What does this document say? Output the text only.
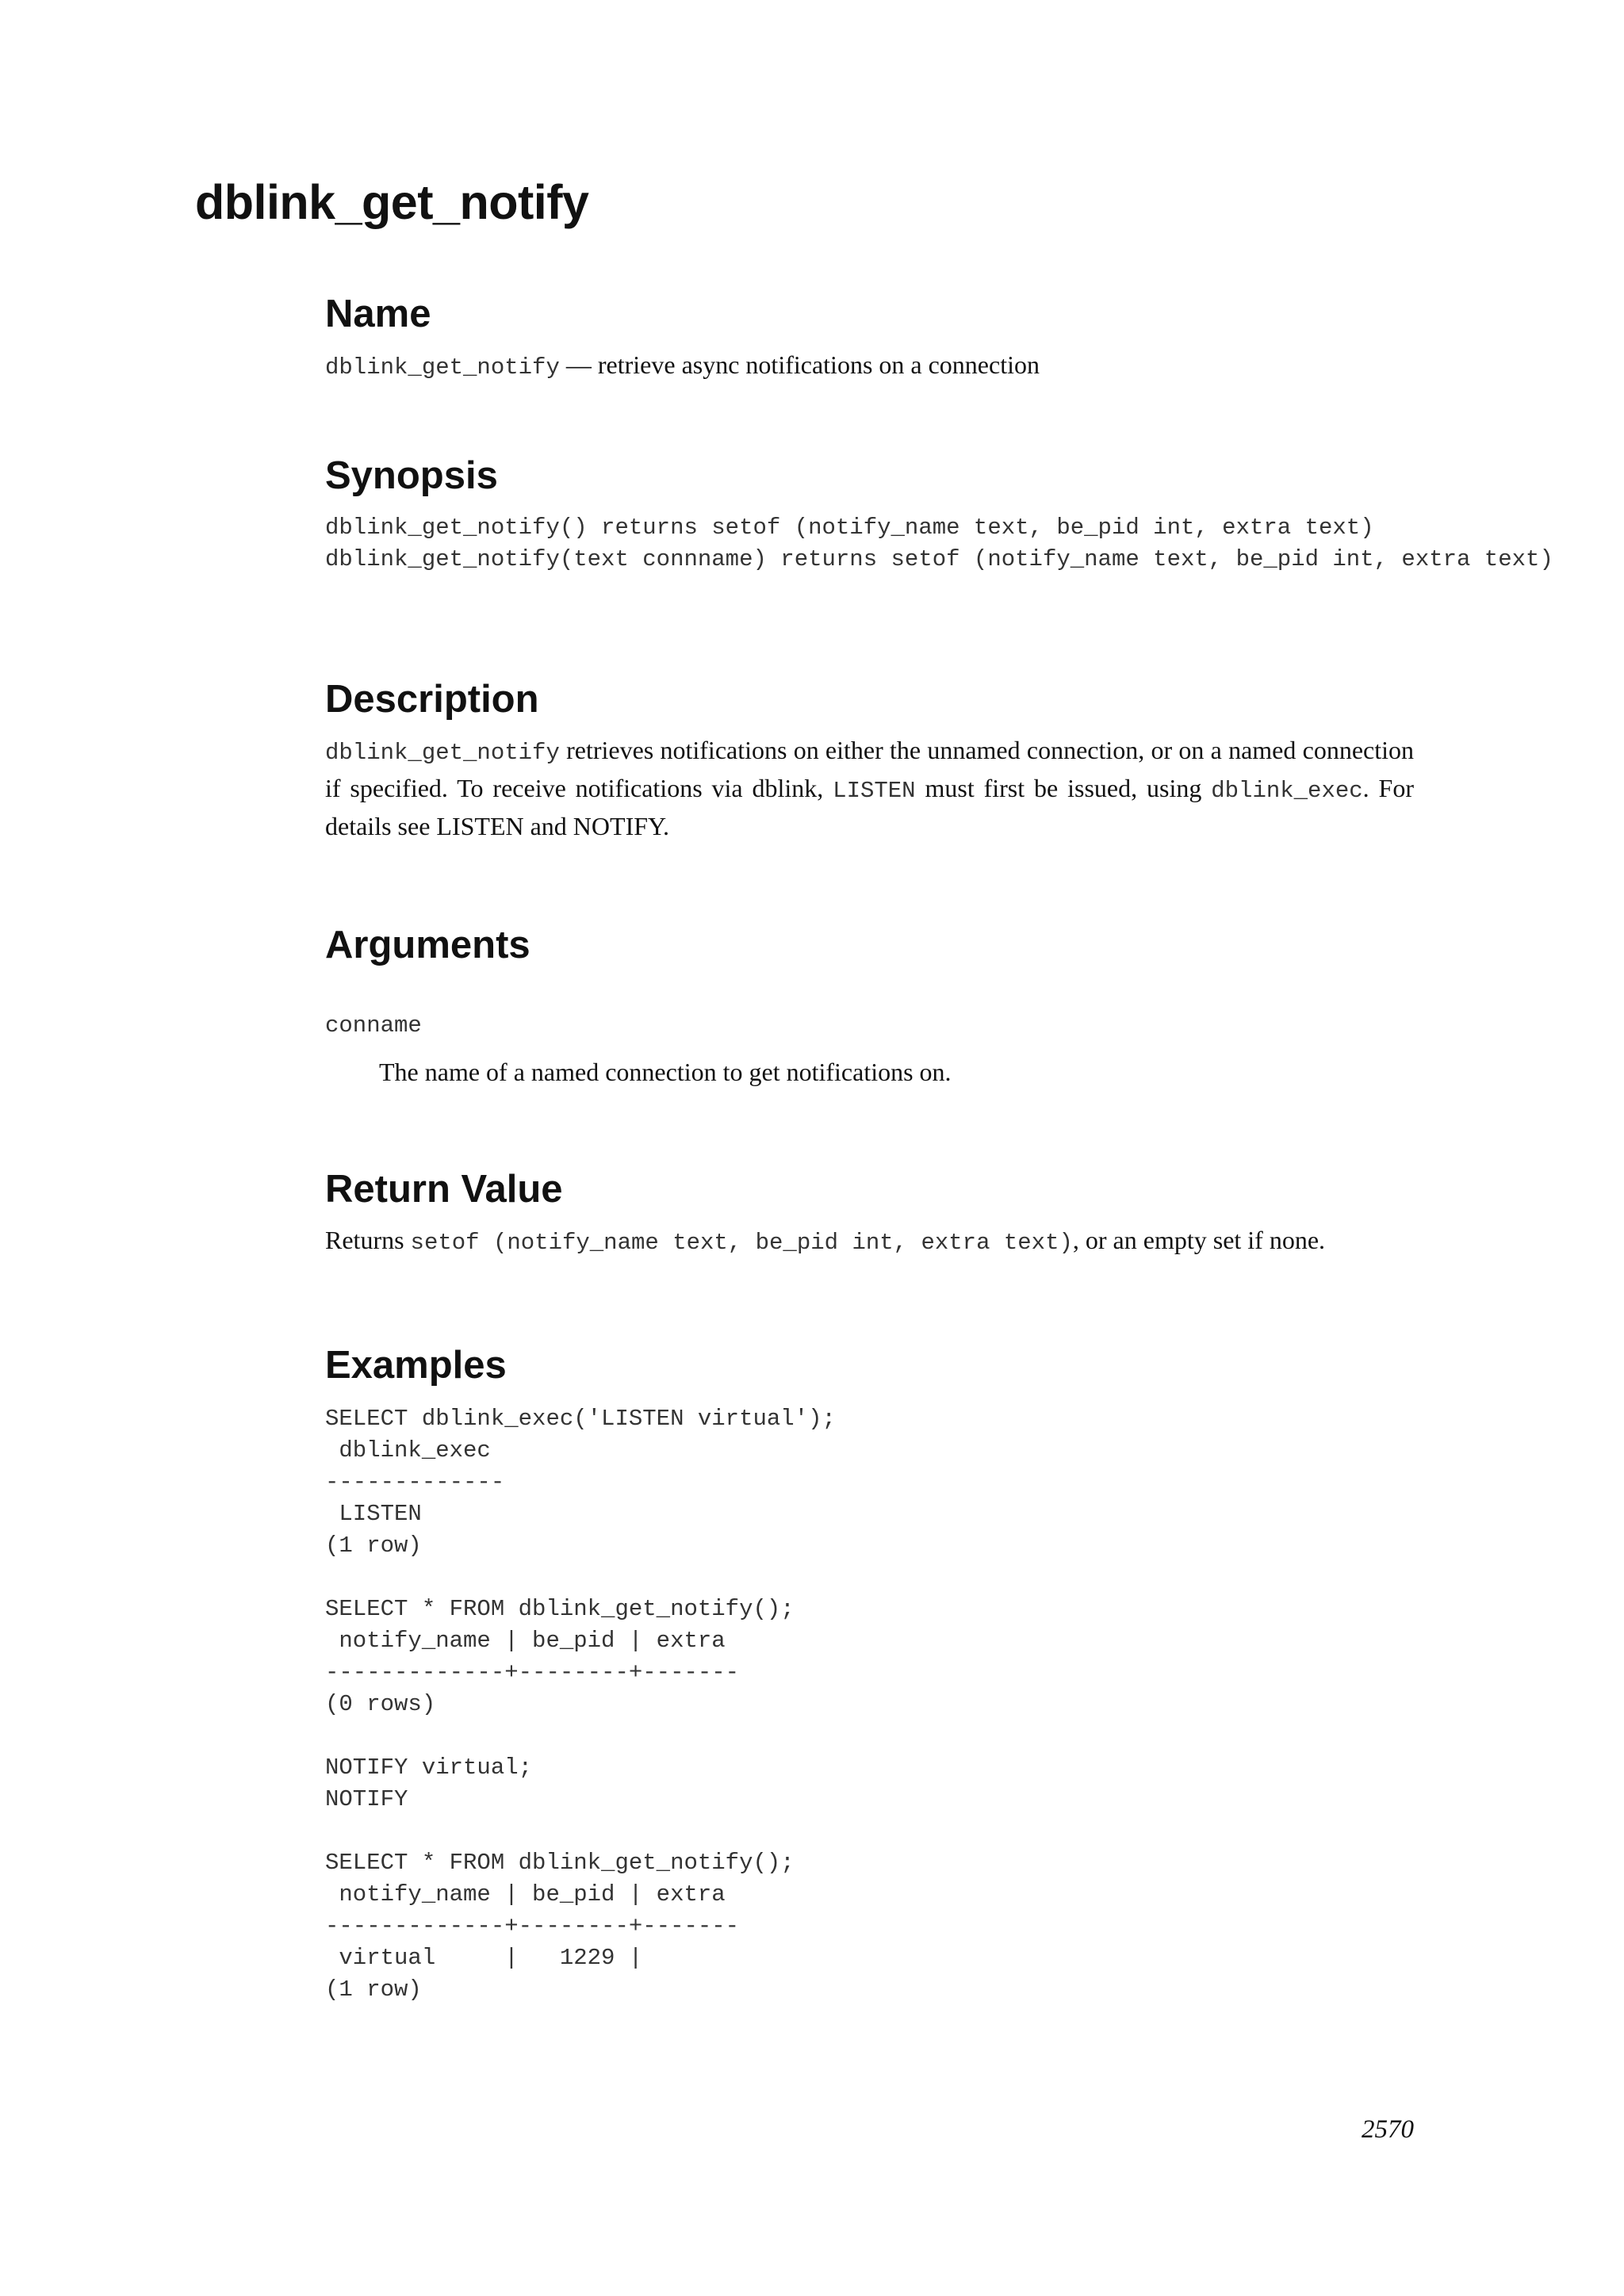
dblink_get_notify
Name

dblink_get_notify — retrieve async notifications on a connection

Synopsis
dblink_get_notify() returns setof (notify_name text, be_pid int, extra text)
dblink_get_notify(text connname) returns setof (notify_name text, be_pid int, extra text)
Description

dblink_get_notify retrieves notifications on either the unnamed connection, or on a named connection if specified. To receive notifications via dblink, LISTEN must first be issued, using dblink_exec. For details see LISTEN and NOTIFY.

Arguments
conname

The name of a named connection to get notifications on.

Return Value

Returns setof (notify_name text, be_pid int, extra text), or an empty set if none.

Examples
SELECT dblink_exec('LISTEN virtual');
dblink_exec
-------------
LISTEN
(1 row)

SELECT * FROM dblink_get_notify();
notify_name | be_pid | extra
-------------+--------+-------
(0 rows)

NOTIFY virtual;
NOTIFY

SELECT * FROM dblink_get_notify();
notify_name | be_pid | extra
-------------+--------+-------
virtual     |   1229 |
(1 row)
2570
